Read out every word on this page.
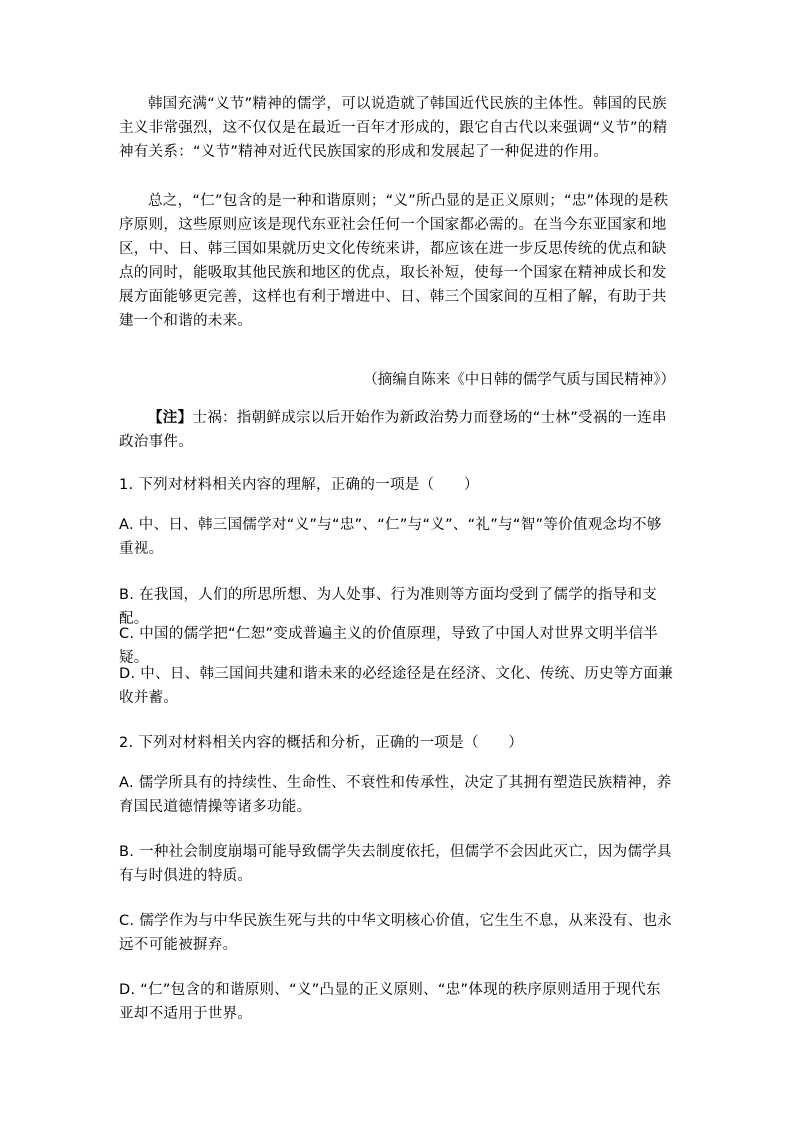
韩国充满“义节”精神的儒学，可以说造就了韩国近代民族的主体性。韩国的民族主义非常强烈，这不仅仅是在最近一百年才形成的，跟它自古代以来强调“义节”的精神有关系：“义节”精神对近代民族国家的形成和发展起了一种促进的作用。

总之，“仁”包含的是一种和谐原则；“义”所凸显的是正义原则；“忠”体现的是秩序原则，这些原则应该是现代东亚社会任何一个国家都必需的。在当今东亚国家和地区，中、日、韩三国如果就历史文化传统来讲，都应该在进一步反思传统的优点和缺点的同时，能吸取其他民族和地区的优点，取长补短，使每一个国家在精神成长和发展方面能够更完善，这样也有利于增进中、日、韩三个国家间的互相了解，有助于共建一个和谐的未来。

（摘编自陈来《中日韩的儒学气质与国民精神》）

【注】士祸：指朝鲜成宗以后开始作为新政治势力而登场的“士林”受祸的一连串政治事件。

1. 下列对材料相关内容的理解，正确的一项是（　　）

A. 中、日、韩三国儒学对“义”与“忠”、“仁”与“义”、“礼”与“智”等价值观念均不够重视。

B. 在我国，人们的所思所想、为人处事、行为准则等方面均受到了儒学的指导和支配。

C. 中国的儒学把“仁恕”变成普遍主义的价值原理，导致了中国人对世界文明半信半疑。

D. 中、日、韩三国间共建和谐未来的必经途径是在经济、文化、传统、历史等方面兼收并蓄。

2. 下列对材料相关内容的概括和分析，正确的一项是（　　）

A. 儒学所具有的持续性、生命性、不衰性和传承性，决定了其拥有塑造民族精神，养育国民道德情操等诸多功能。

B. 一种社会制度崩塌可能导致儒学失去制度依托，但儒学不会因此灭亡，因为儒学具有与时俱进的特质。

C. 儒学作为与中华民族生死与共的中华文明核心价值，它生生不息，从来没有、也永远不可能被摒弃。

D. “仁”包含的和谐原则、“义”凸显的正义原则、“忠”体现的秩序原则适用于现代东亚却不适用于世界。
